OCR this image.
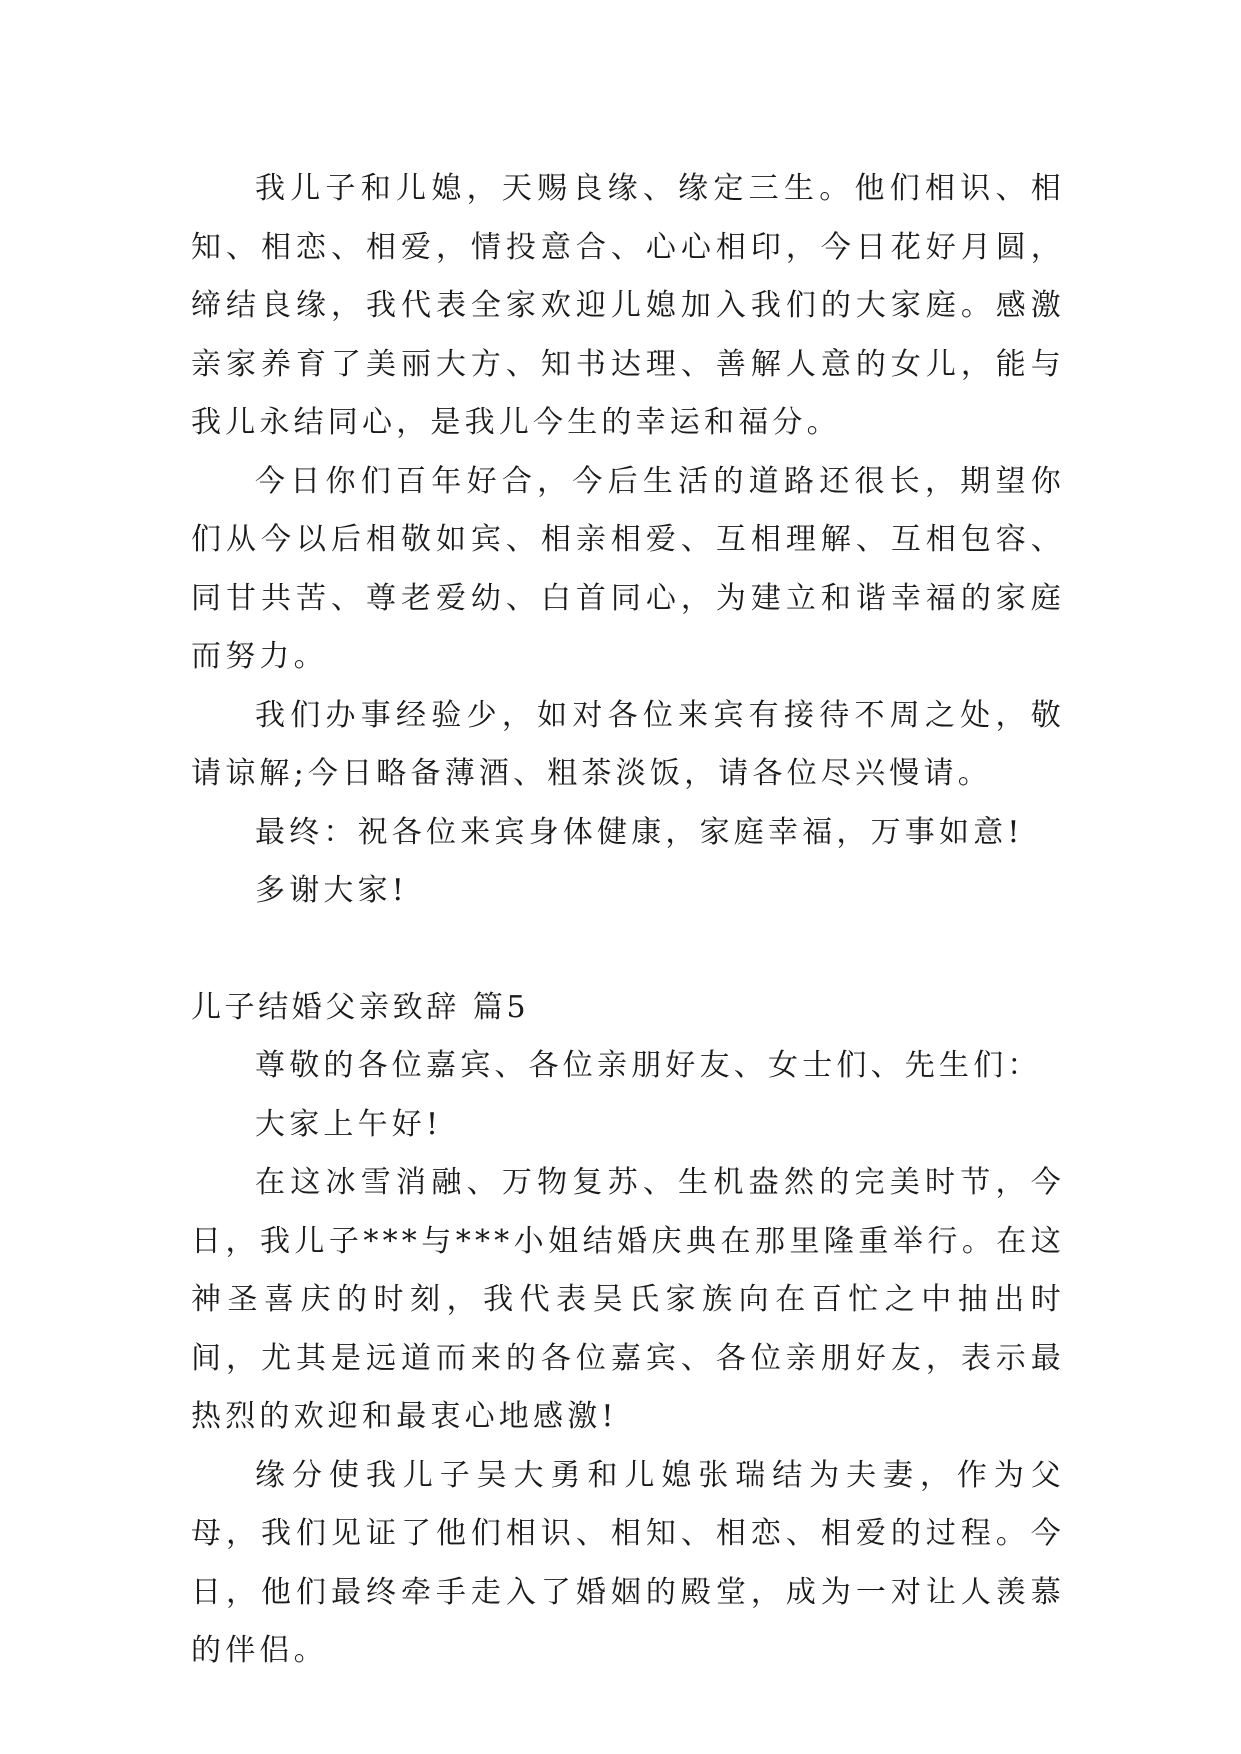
我儿子和儿媳，天赐良缘、缘定三生。他们相识、相知、相恋、相爱，情投意合、心心相印，今日花好月圆，缔结良缘，我代表全家欢迎儿媳加入我们的大家庭。感激亲家养育了美丽大方、知书达理、善解人意的女儿，能与我儿永结同心，是我儿今生的幸运和福分。

今日你们百年好合，今后生活的道路还很长，期望你们从今以后相敬如宾、相亲相爱、互相理解、互相包容、同甘共苦、尊老爱幼、白首同心，为建立和谐幸福的家庭而努力。

我们办事经验少，如对各位来宾有接待不周之处，敬请谅解;今日略备薄酒、粗茶淡饭，请各位尽兴慢请。

最终：祝各位来宾身体健康，家庭幸福，万事如意!

多谢大家!

儿子结婚父亲致辞 篇5

尊敬的各位嘉宾、各位亲朋好友、女士们、先生们：

大家上午好!

在这冰雪消融、万物复苏、生机盎然的完美时节，今日，我儿子***与***小姐结婚庆典在那里隆重举行。在这神圣喜庆的时刻，我代表吴氏家族向在百忙之中抽出时间，尤其是远道而来的各位嘉宾、各位亲朋好友，表示最热烈的欢迎和最衷心地感激!

缘分使我儿子吴大勇和儿媳张瑞结为夫妻，作为父母，我们见证了他们相识、相知、相恋、相爱的过程。今日，他们最终牵手走入了婚姻的殿堂，成为一对让人羡慕的伴侣。
